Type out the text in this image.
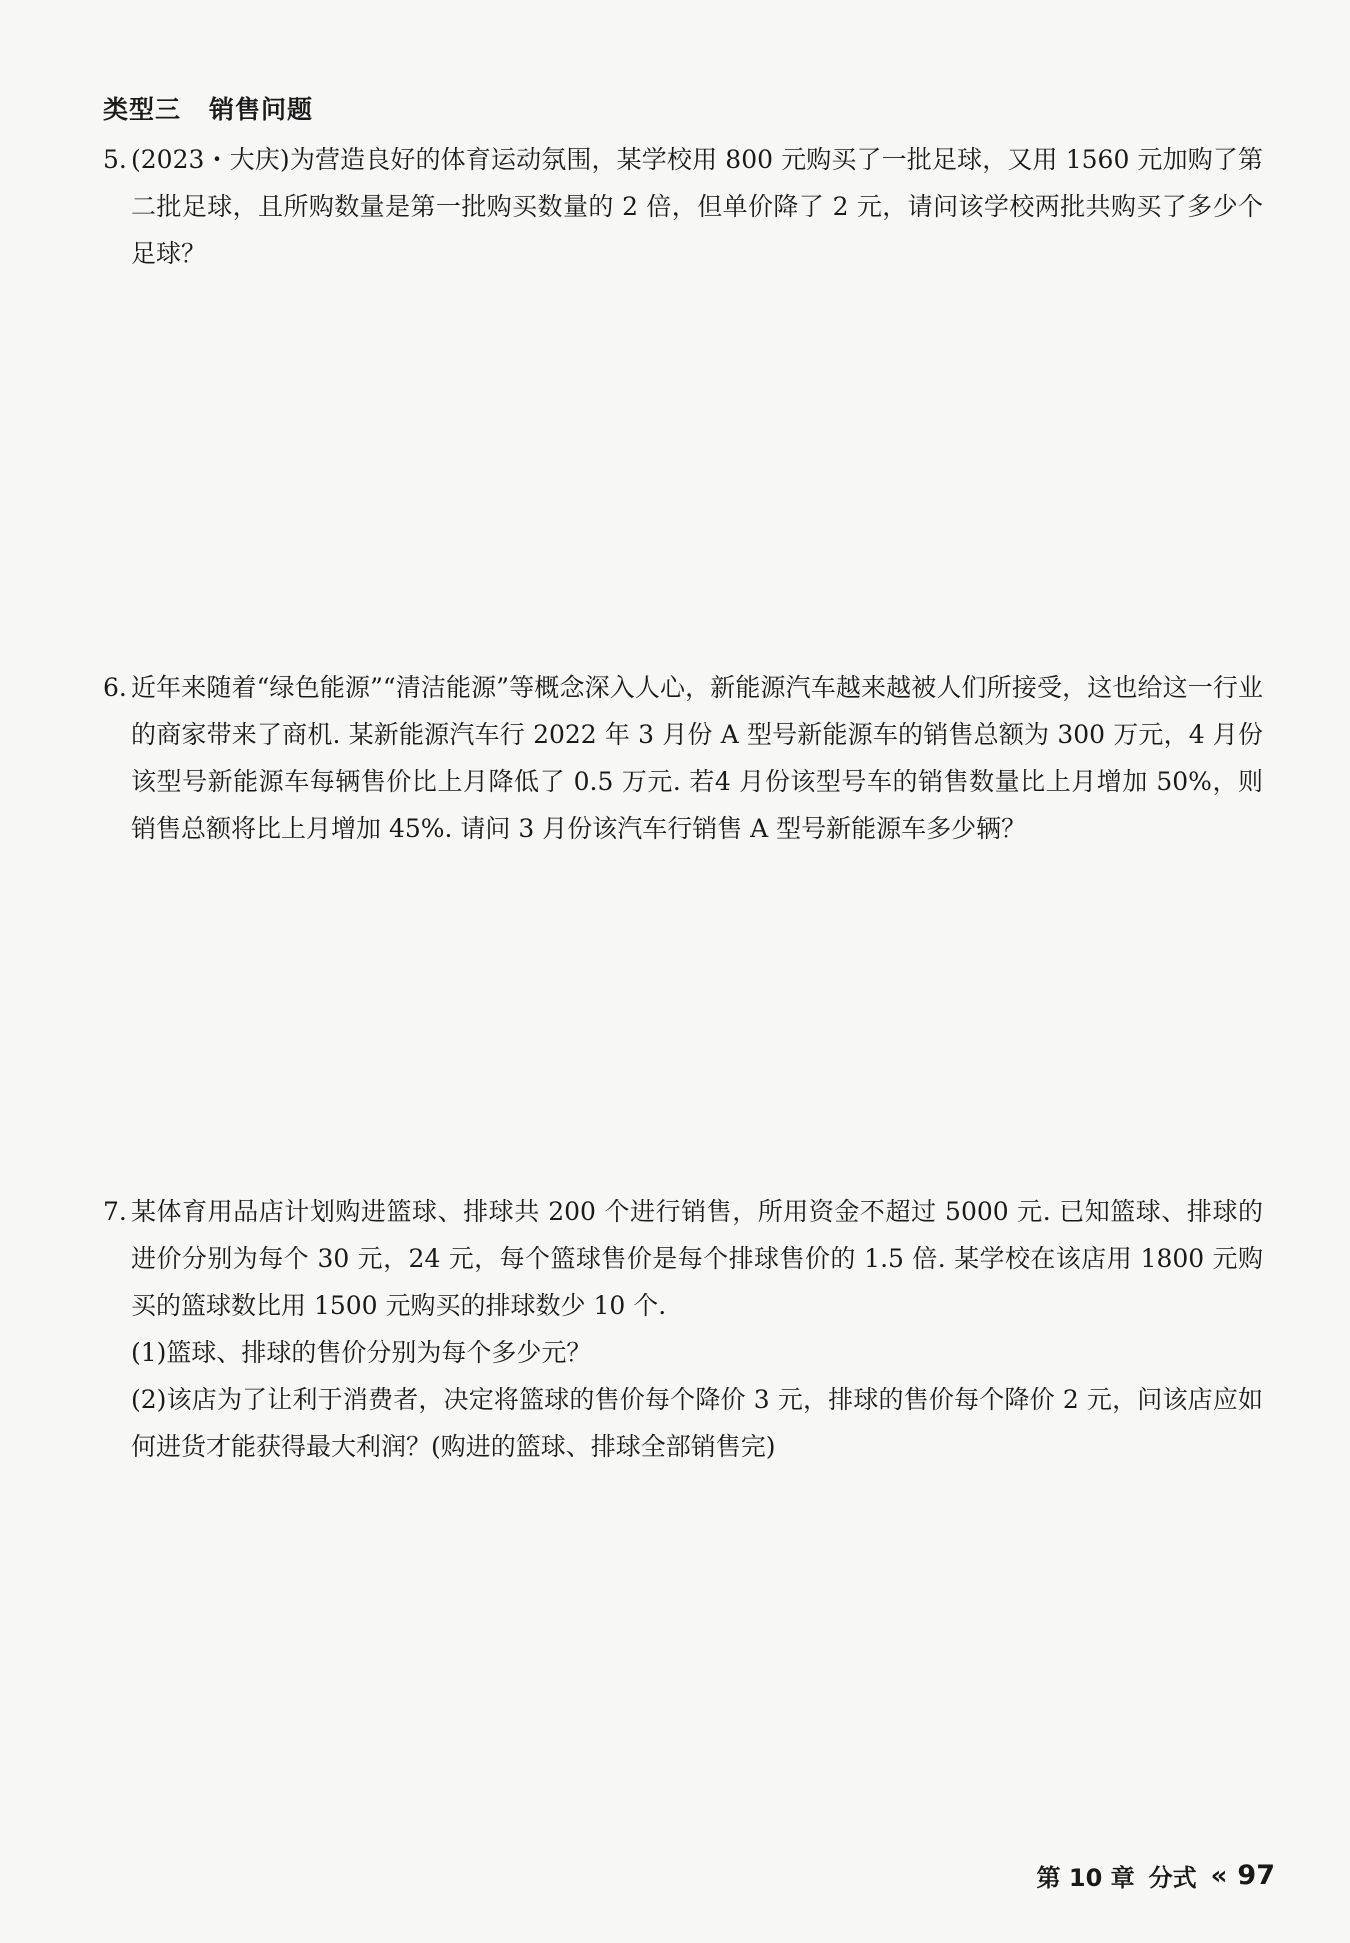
类型三 销售问题
5. (2023・大庆)为营造良好的体育运动氛围，某学校用 800 元购买了一批足球，又用 1560 元加购了第二批足球，且所购数量是第一批购买数量的 2 倍，但单价降了 2 元，请问该学校两批共购买了多少个足球？
6. 近年来随着“绿色能源”“清洁能源”等概念深入人心，新能源汽车越来越被人们所接受，这也给这一行业的商家带来了商机. 某新能源汽车行 2022 年 3 月份 A 型号新能源车的销售总额为 300 万元，4 月份该型号新能源车每辆售价比上月降低了 0.5 万元. 若4 月份该型号车的销售数量比上月增加 50%，则销售总额将比上月增加 45%. 请问 3 月份该汽车行销售 A 型号新能源车多少辆？
7. 某体育用品店计划购进篮球、排球共 200 个进行销售，所用资金不超过 5000 元. 已知篮球、排球的进价分别为每个 30 元，24 元，每个篮球售价是每个排球售价的 1.5 倍. 某学校在该店用 1800 元购买的篮球数比用 1500 元购买的排球数少 10 个.
(1)篮球、排球的售价分别为每个多少元？
(2)该店为了让利于消费者，决定将篮球的售价每个降价 3 元，排球的售价每个降价 2 元，问该店应如何进货才能获得最大利润？(购进的篮球、排球全部销售完)
第 10 章 分式 « 97
